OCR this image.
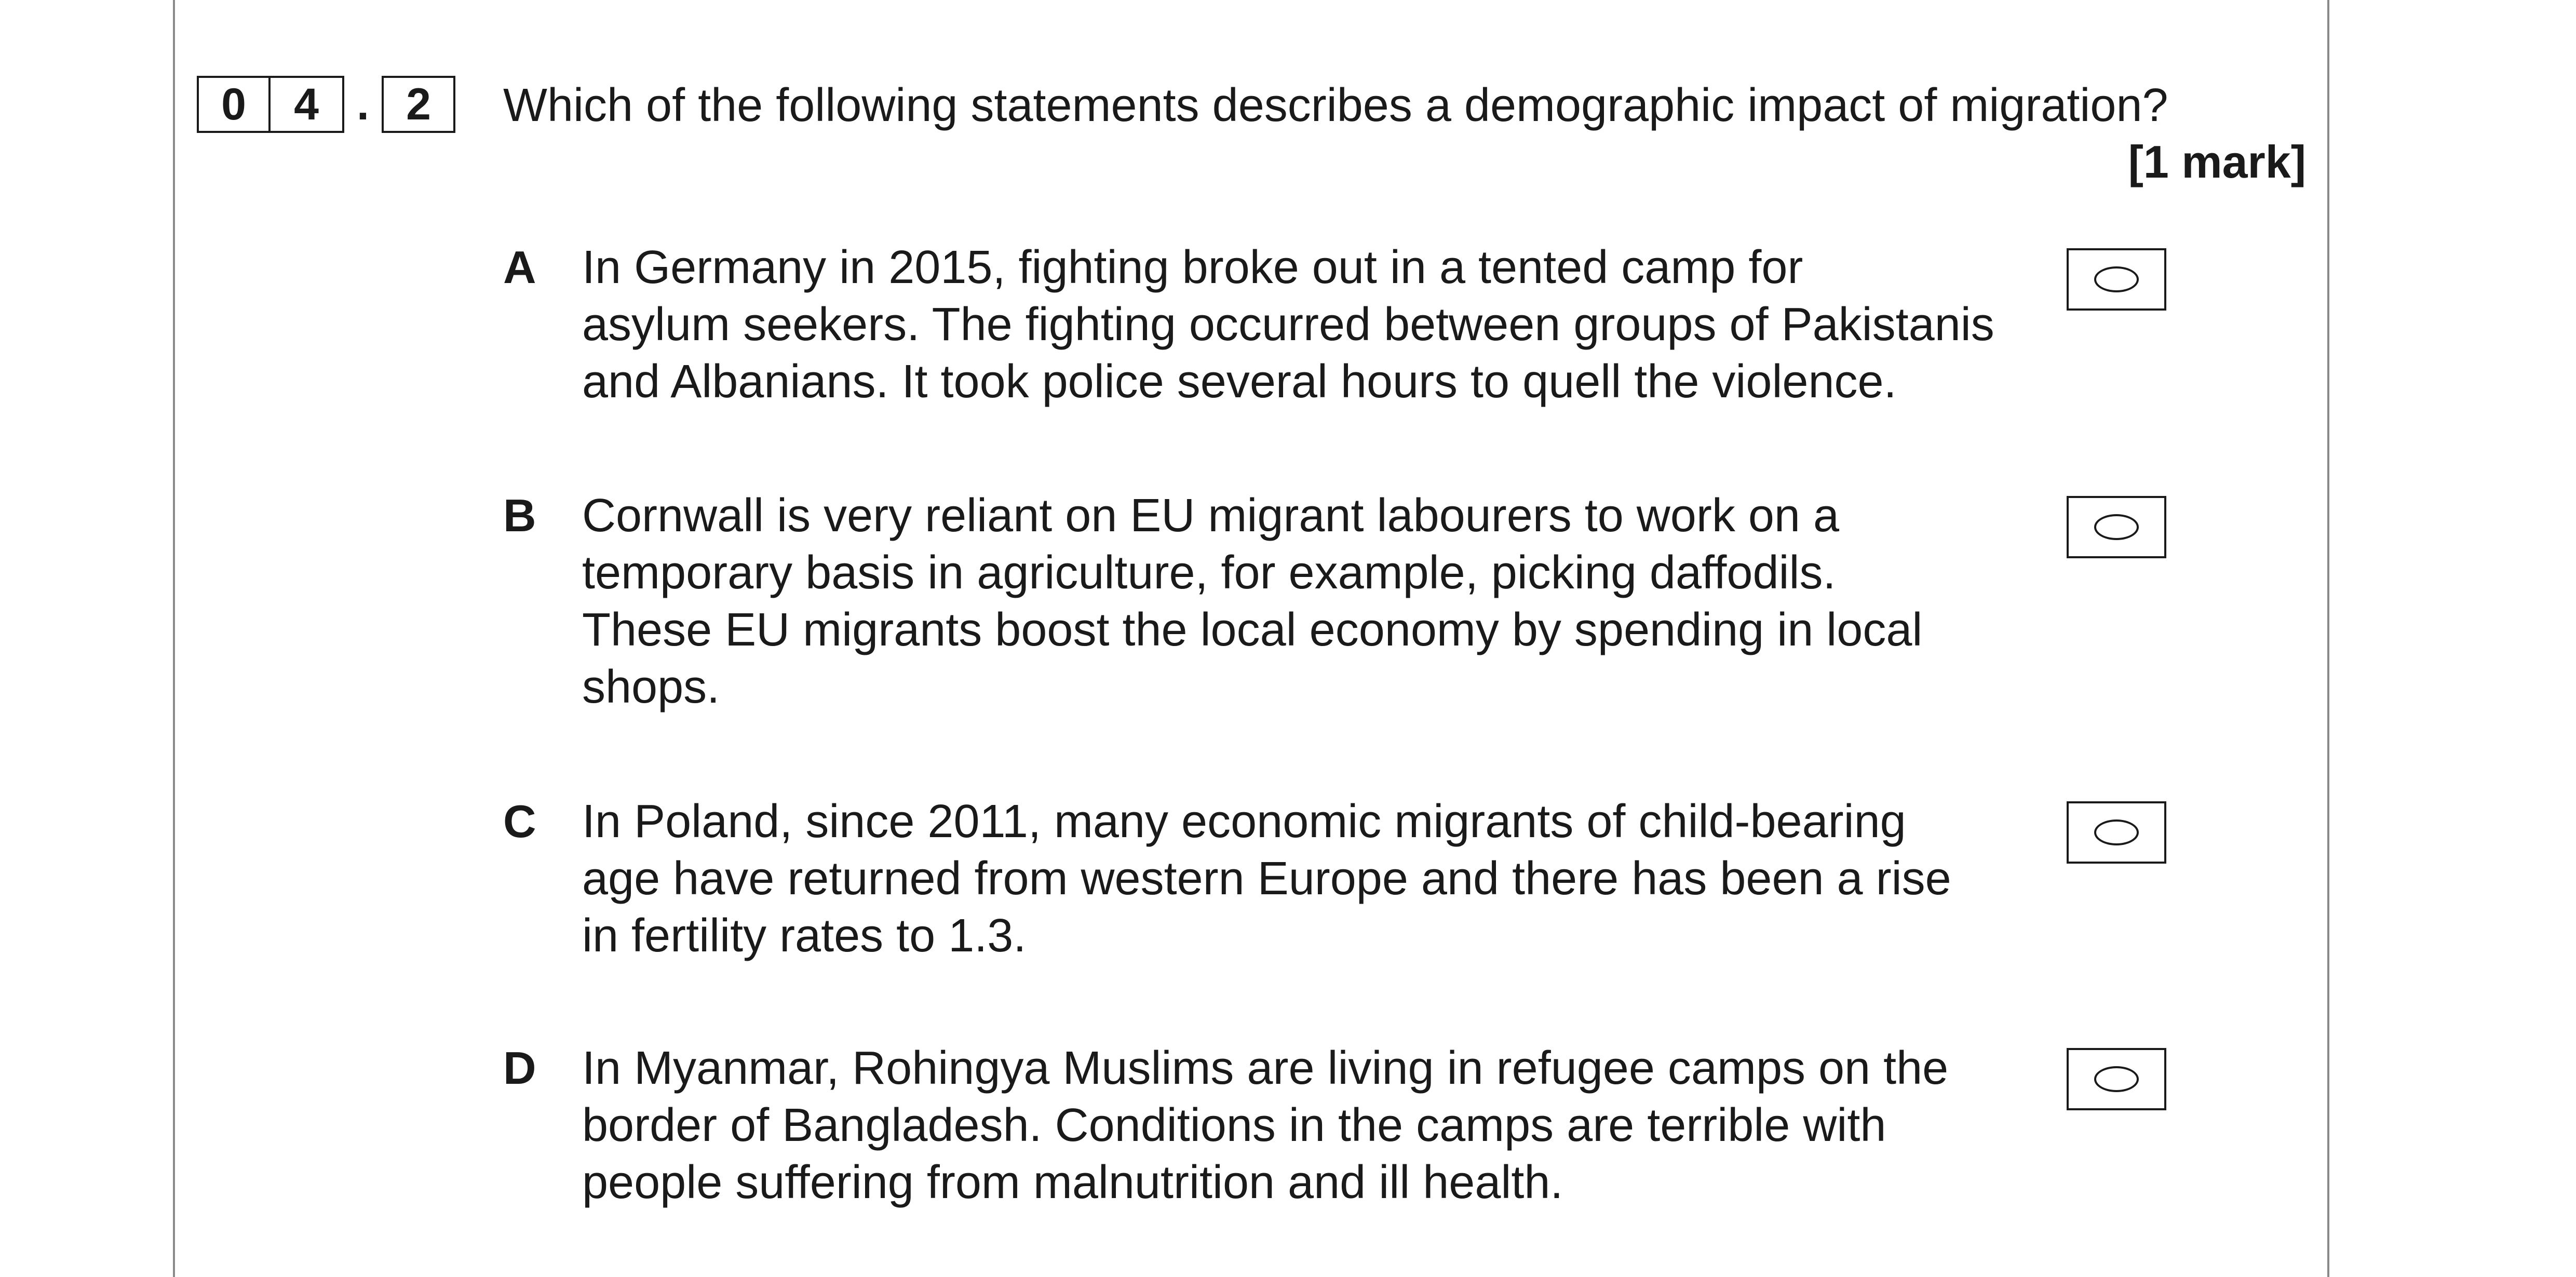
0	4 . 2	Which of the following statements describes a demographic impact of migration?
[1 mark]
A In Germany in 2015, fighting broke out in a tented camp for
asylum seekers. The fighting occurred between groups of Pakistanis
and Albanians. It took police several hours to quell the violence.
B Cornwall is very reliant on EU migrant labourers to work on a
temporary basis in agriculture, for example, picking daffodils.
These EU migrants boost the local economy by spending in local
shops.
C In Poland, since 2011, many economic migrants of child-bearing
age have returned from western Europe and there has been a rise
in fertility rates to 1.3.
D In Myanmar, Rohingya Muslims are living in refugee camps on the
border of Bangladesh. Conditions in the camps are terrible with
people suffering from malnutrition and ill health.
